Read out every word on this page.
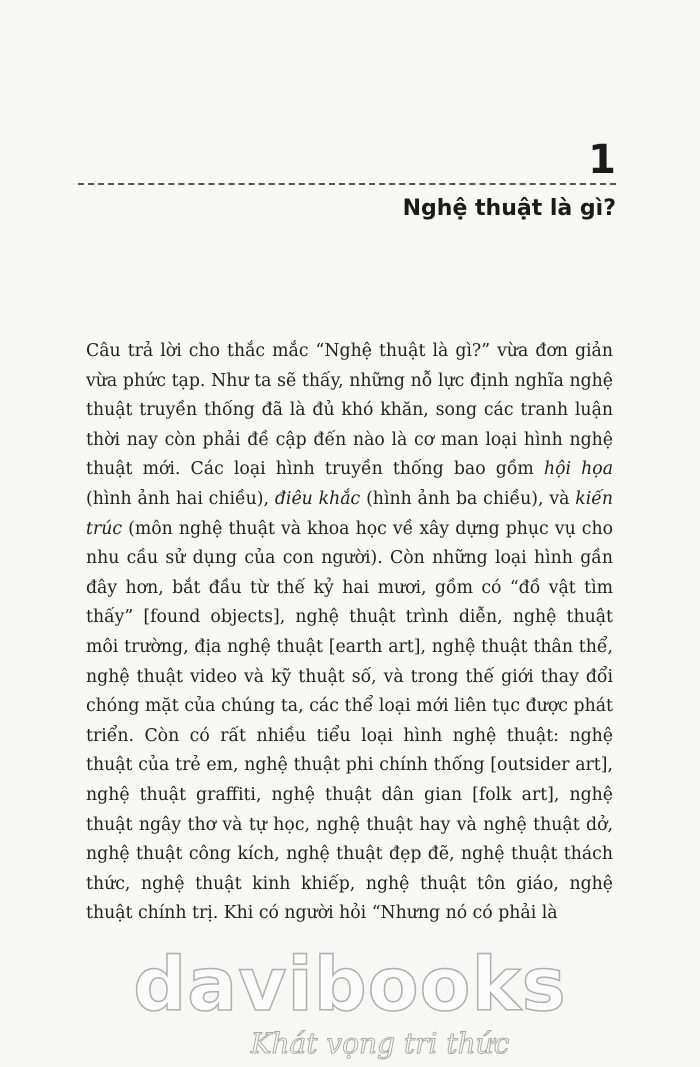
1
Nghệ thuật là gì?

Câu trả lời cho thắc mắc “Nghệ thuật là gì?” vừa đơn giản vừa phức tạp. Như ta sẽ thấy, những nỗ lực định nghĩa nghệ thuật truyền thống đã là đủ khó khăn, song các tranh luận thời nay còn phải đề cập đến nào là cơ man loại hình nghệ thuật mới. Các loại hình truyền thống bao gồm hội họa (hình ảnh hai chiều), điêu khắc (hình ảnh ba chiều), và kiến trúc (môn nghệ thuật và khoa học về xây dựng phục vụ cho nhu cầu sử dụng của con người). Còn những loại hình gần đây hơn, bắt đầu từ thế kỷ hai mươi, gồm có “đồ vật tìm thấy” [found objects], nghệ thuật trình diễn, nghệ thuật môi trường, địa nghệ thuật [earth art], nghệ thuật thân thể, nghệ thuật video và kỹ thuật số, và trong thế giới thay đổi chóng mặt của chúng ta, các thể loại mới liên tục được phát triển. Còn có rất nhiều tiểu loại hình nghệ thuật: nghệ thuật của trẻ em, nghệ thuật phi chính thống [outsider art], nghệ thuật graffiti, nghệ thuật dân gian [folk art], nghệ thuật ngây thơ và tự học, nghệ thuật hay và nghệ thuật dở, nghệ thuật công kích, nghệ thuật đẹp đẽ, nghệ thuật thách thức, nghệ thuật kinh khiếp, nghệ thuật tôn giáo, nghệ thuật chính trị. Khi có người hỏi “Nhưng nó có phải là

davibooks
Khát vọng tri thức
